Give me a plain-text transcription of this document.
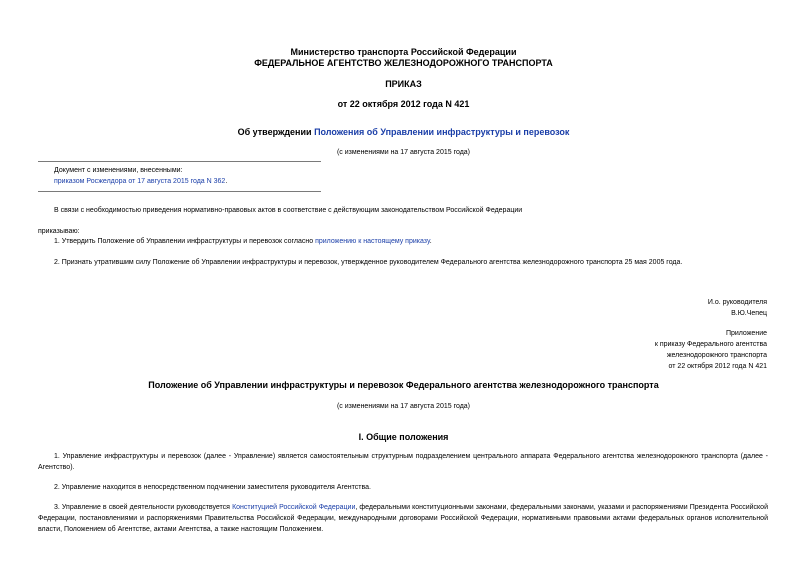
Министерство транспорта Российской Федерации
ФЕДЕРАЛЬНОЕ АГЕНТСТВО ЖЕЛЕЗНОДОРОЖНОГО ТРАНСПОРТА
ПРИКАЗ
от 22 октября 2012 года N 421
Об утверждении Положения об Управлении инфраструктуры и перевозок
(с изменениями на 17 августа 2015 года)
Документ с изменениями, внесенными:
приказом Росжелдора от 17 августа 2015 года N 362.
В связи с необходимостью приведения нормативно-правовых актов в соответствие с действующим законодательством Российской Федерации
приказываю:
1. Утвердить Положение об Управлении инфраструктуры и перевозок согласно приложению к настоящему приказу.
2. Признать утратившим силу Положение об Управлении инфраструктуры и перевозок, утвержденное руководителем Федерального агентства железнодорожного транспорта 25 мая 2005 года.
И.о. руководителя
В.Ю.Чепец
Приложение
к приказу Федерального агентства
железнодорожного транспорта
от 22 октября 2012 года N 421
Положение об Управлении инфраструктуры и перевозок Федерального агентства железнодорожного транспорта
(с изменениями на 17 августа 2015 года)
I. Общие положения
1. Управление инфраструктуры и перевозок (далее - Управление) является самостоятельным структурным подразделением центрального аппарата Федерального агентства железнодорожного транспорта (далее - Агентство).
2. Управление находится в непосредственном подчинении заместителя руководителя Агентства.
3. Управление в своей деятельности руководствуется Конституцией Российской Федерации, федеральными конституционными законами, федеральными законами, указами и распоряжениями Президента Российской Федерации, постановлениями и распоряжениями Правительства Российской Федерации, международными договорами Российской Федерации, нормативными правовыми актами федеральных органов исполнительной власти, Положением об Агентстве, актами Агентства, а также настоящим Положением.
